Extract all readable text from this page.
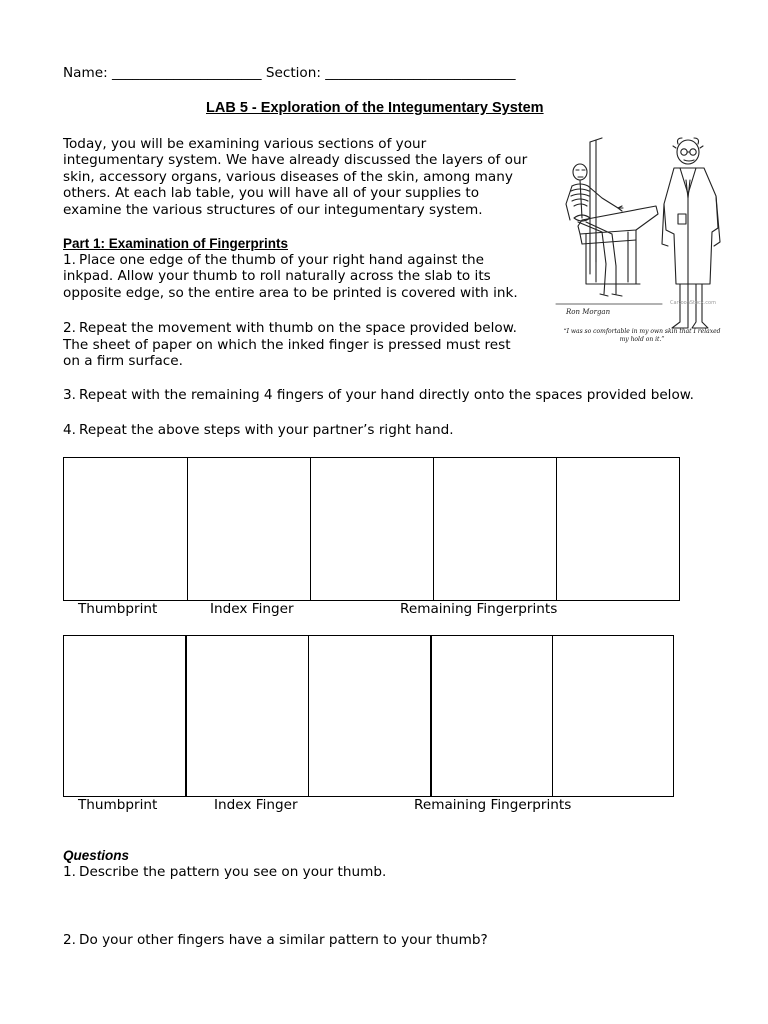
Name: ______________________ Section: ____________________________
LAB 5 - Exploration of the Integumentary System
Today, you will be examining various sections of your
integumentary system. We have already discussed the layers of our
skin, accessory organs, various diseases of the skin, among many
others. At each lab table, you will have all of your supplies to
examine the various structures of our integumentary system.
Part 1: Examination of Fingerprints
1. Place one edge of the thumb of your right hand against the
inkpad. Allow your thumb to roll naturally across the slab to its
opposite edge, so the entire area to be printed is covered with ink.
2. Repeat the movement with thumb on the space provided below.
The sheet of paper on which the inked finger is pressed must rest
on a firm surface.
3. Repeat with the remaining 4 fingers of your hand directly onto the spaces provided below.
4. Repeat the above steps with your partner’s right hand.
Ron Morgan
CartoonStock.com
“I was so comfortable in my own skin that I relaxed
my hold on it.”
Thumbprint	Index Finger	Remaining Fingerprints
Thumbprint	Index Finger	Remaining Fingerprints
Questions
1. Describe the pattern you see on your thumb.
2. Do your other fingers have a similar pattern to your thumb?
